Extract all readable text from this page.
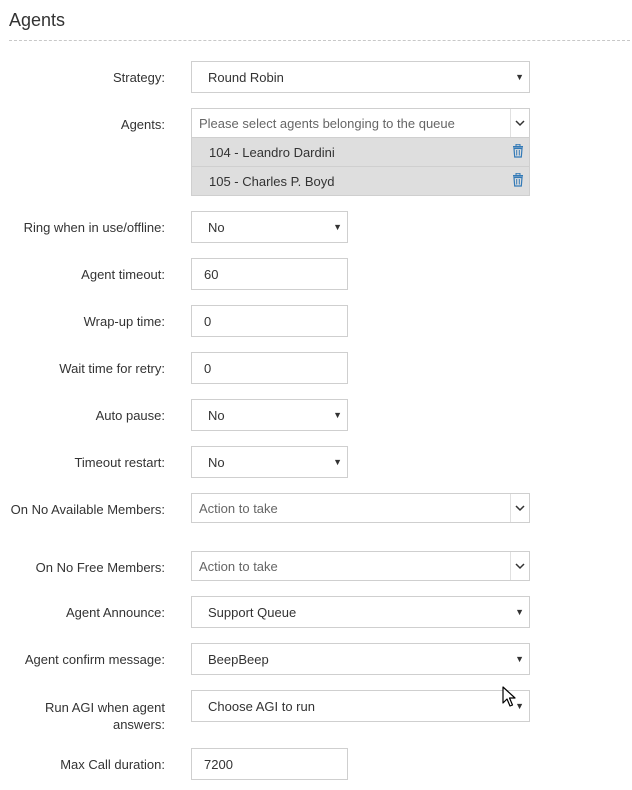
Agents
Strategy:	Round Robin	▼
Agents:	Please select agents belonging to the queue
104 - Leandro Dardini
105 - Charles P. Boyd
Ring when in use/offline:	No	▼
Agent timeout:	60
Wrap-up time:	0
Wait time for retry:	0
Auto pause:	No	▼
Timeout restart:	No	▼
On No Available Members:	Action to take
On No Free Members:	Action to take
Agent Announce:	Support Queue	▼
Agent confirm message:	BeepBeep	▼
Run AGI when agent answers:
Choose AGI to run	▼
Max Call duration:	7200
